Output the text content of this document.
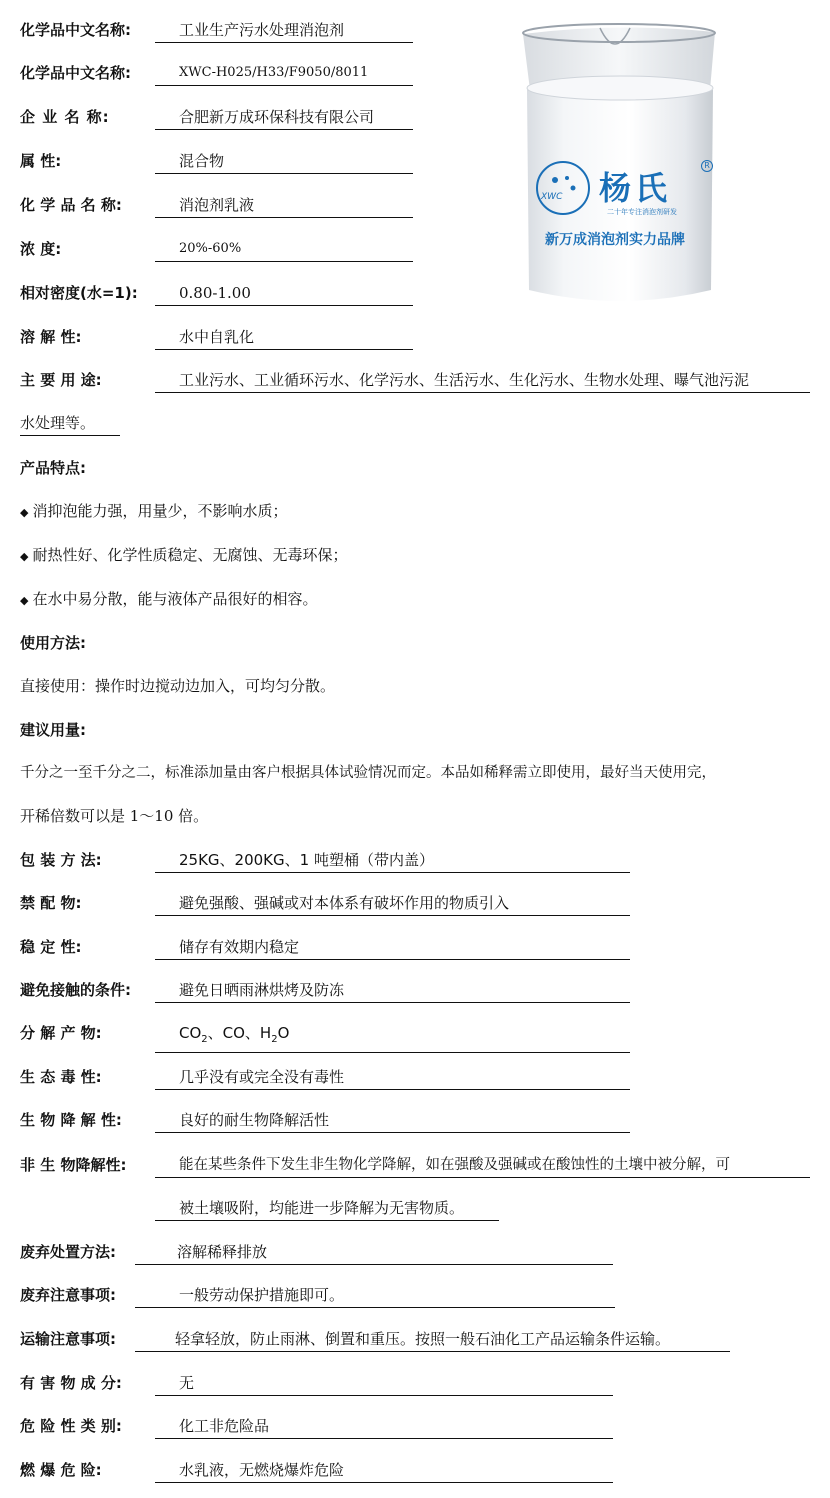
化学品中文名称:	工业生产污水处理消泡剂
化学品中文名称:	XWC-H025/H33/F9050/8011
企 业 名 称:	合肥新万成环保科技有限公司
属 性:	混合物
化 学 品 名 称:	消泡剂乳液
浓 度:	20%-60%
相对密度(水=1):	0.80-1.00
溶 解 性:	水中自乳化
XWC 杨氏
R
二十年专注消泡剂研发
新万成消泡剂实力品牌
主 要 用 途:	工业污水、工业循环污水、化学污水、生活污水、生化污水、生物水处理、曝气池污泥
水处理等。
产品特点:
◆ 消抑泡能力强，用量少，不影响水质；
◆ 耐热性好、化学性质稳定、无腐蚀、无毒环保；
◆ 在水中易分散，能与液体产品很好的相容。
使用方法:
直接使用：操作时边搅动边加入，可均匀分散。
建议用量:
千分之一至千分之二，标准添加量由客户根据具体试验情况而定。本品如稀释需立即使用，最好当天使用完，
开稀倍数可以是 1～10 倍。
包 装 方 法:	25KG、200KG、1 吨塑桶（带内盖）
禁 配 物:	避免强酸、强碱或对本体系有破坏作用的物质引入
稳 定 性:	储存有效期内稳定
避免接触的条件:	避免日晒雨淋烘烤及防冻
分 解 产 物:	$CO_2$、CO、$H_2O$
生 态 毒 性:	几乎没有或完全没有毒性
生 物 降 解 性:	良好的耐生物降解活性
非 生 物降解性:	能在某些条件下发生非生物化学降解，如在强酸及强碱或在酸蚀性的土壤中被分解，可
被土壤吸附，均能进一步降解为无害物质。
废弃处置方法:	溶解稀释排放
废弃注意事项:	一般劳动保护措施即可。
运输注意事项:	轻拿轻放，防止雨淋、倒置和重压。按照一般石油化工产品运输条件运输。
有 害 物 成 分:	无
危 险 性 类 别:	化工非危险品
燃 爆 危 险:	水乳液，无燃烧爆炸危险
